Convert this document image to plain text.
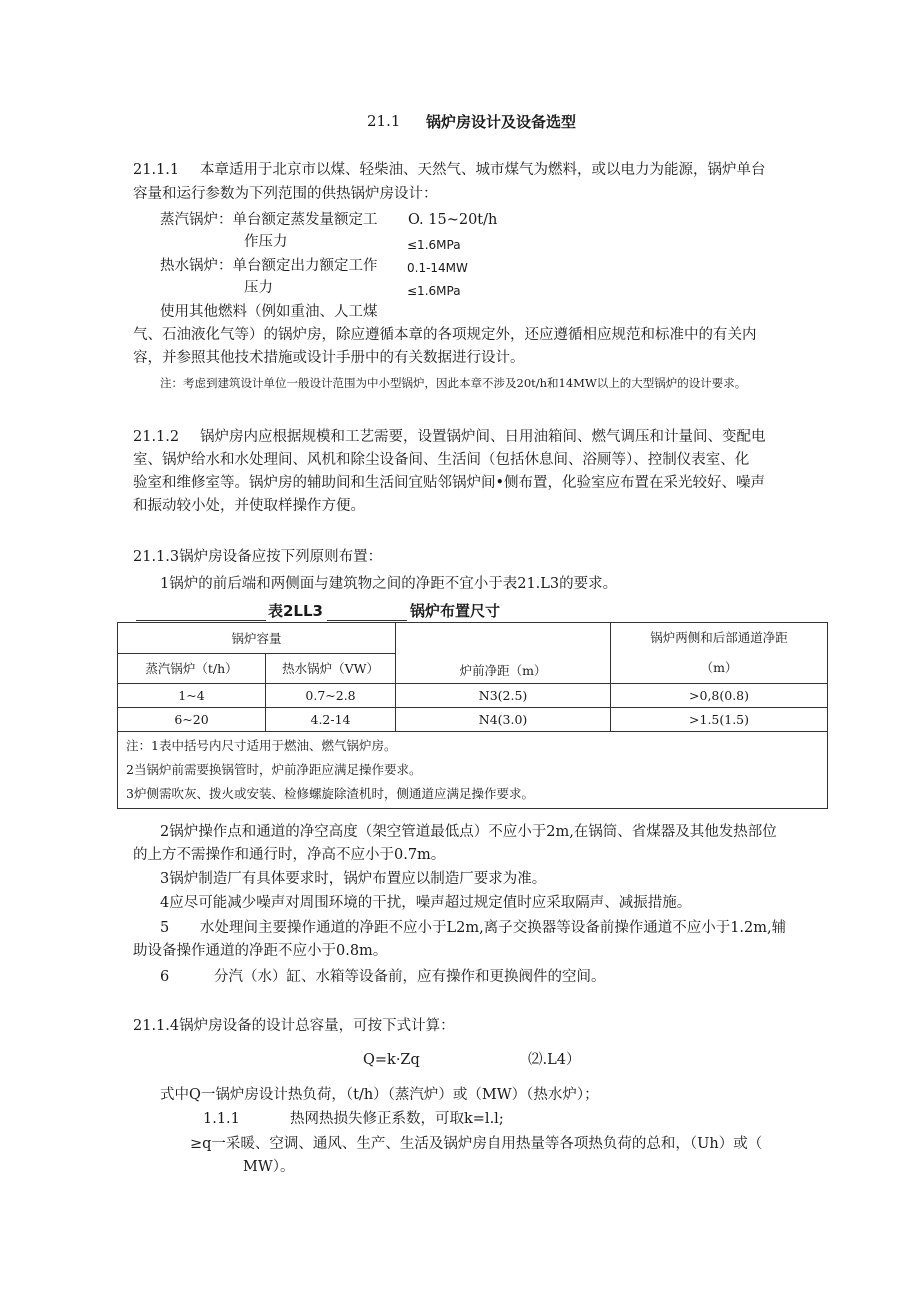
21.1 锅炉房设计及设备选型
21.1.1 本章适用于北京市以煤、轻柴油、天然气、城市煤气为燃料，或以电力为能源，锅炉单台
容量和运行参数为下列范围的供热锅炉房设计：
蒸汽锅炉：单台额定蒸发量额定工 O. 15~20t/h
作压力	≤1.6MPa
热水锅炉：单台额定出力额定工作 0.1-14MW
压力	≤1.6MPa
使用其他燃料（例如重油、人工煤
气、石油液化气等）的锅炉房，除应遵循本章的各项规定外，还应遵循相应规范和标准中的有关内
容，并参照其他技术措施或设计手册中的有关数据进行设计。
注：考虑到建筑设计单位一般设计范围为中小型锅炉，因此本章不涉及20t/h和14MW以上的大型锅炉的设计要求。
21.1.2 锅炉房内应根据规模和工艺需要，设置锅炉间、日用油箱间、燃气调压和计量间、变配电
室、锅炉给水和水处理间、风机和除尘设备间、生活间（包括休息间、浴厕等）、控制仪表室、化
验室和维修室等。锅炉房的辅助间和生活间宜贴邻锅炉间•侧布置，化验室应布置在采光较好、噪声
和振动较小处，并使取样操作方便。
21.1.3锅炉房设备应按下列原则布置：
1锅炉的前后端和两侧面与建筑物之间的净距不宜小于表21.L3的要求。
表2LL3	锅炉布置尺寸
锅炉容量		炉前净距（m）	锅炉两侧和后部通道净距
（m）

蒸汽锅炉（t/h）	热水锅炉（VW）		
1~4	0.7~2.8	N3(2.5)	>0,8(0.8)
6~20	4.2-14	N4(3.0)	>1.5(1.5)

注：1表中括号内尺寸适用于燃油、燃气锅炉房。
2当锅炉前需要换锅管时，炉前净距应满足操作要求。
3炉侧需吹灰、拨火或安装、检修螺旋除渣机时，侧通道应满足操作要求。			
2锅炉操作点和通道的净空高度（架空管道最低点）不应小于2m,在锅筒、省煤器及其他发热部位
的上方不需操作和通行时，净高不应小于0.7m。
3锅炉制造厂有具体要求时，锅炉布置应以制造厂要求为准。
4应尽可能减少噪声对周围环境的干扰，噪声超过规定值时应采取隔声、减振措施。
5 水处理间主要操作通道的净距不应小于L2m,离子交换器等设备前操作通道不应小于1.2m,辅
助设备操作通道的净距不应小于0.8m。
6	分汽（水）缸、水箱等设备前，应有操作和更换阀件的空间。
21.1.4锅炉房设备的设计总容量，可按下式计算：
Q=k·Zq	⑵.L4）
式中Q一锅炉房设计热负荷，（t/h）（蒸汽炉）或（MW）（热水炉）；
1.1.1	热网热损失修正系数，可取k=l.l;
≥q一采暖、空调、通风、生产、生活及锅炉房自用热量等各项热负荷的总和，（Uh）或（
MW）。
